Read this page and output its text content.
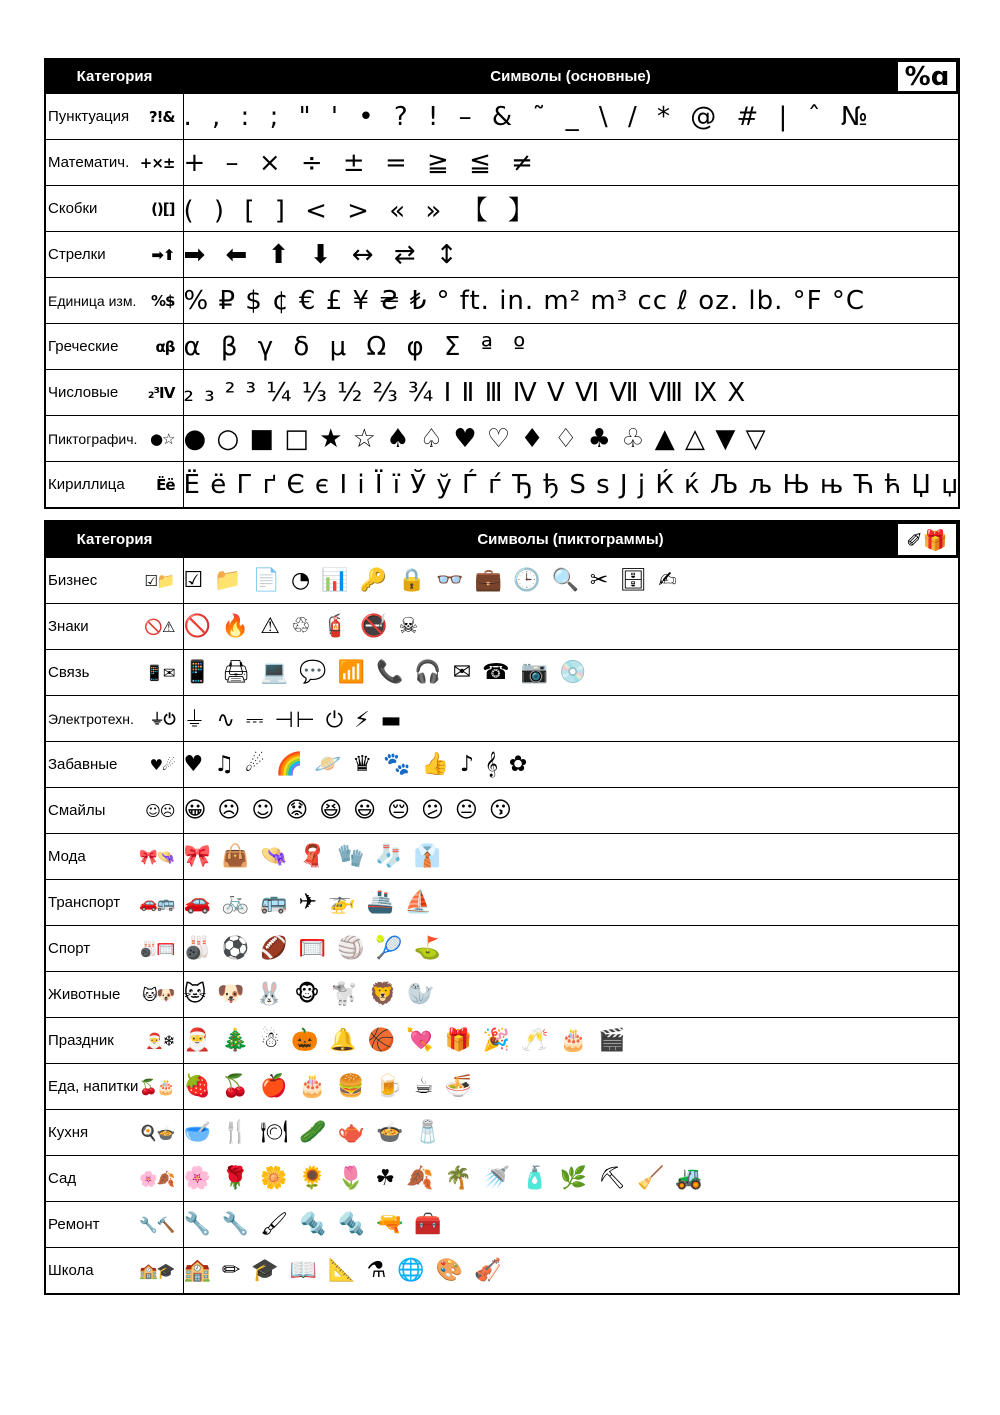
Категория	Символы (основные) %ɑ

Пунктуация ?!&	. , : ; " ' • ? ! – & ˜ _ \ / * @ # | ˆ №

Математич. +×±	+ – × ÷ ± = ≧ ≦ ≠

Скобки ()[]	( ) [ ] < > « » 【 】

Стрелки ➡⬆	➡ ⬅ ⬆ ⬇ ↔ ⇄ ↕

Единица изм. %$	% ₽ $ ¢ € £ ¥ ₴ ₺ ° ft. in. m² m³ cc ℓ oz. lb. °F °C

Греческие αβ	α β γ δ μ Ω φ Σ ª º

Числовые ₂³Ⅳ	₂ ₃ ² ³ ¼ ⅓ ½ ⅔ ¾ Ⅰ Ⅱ Ⅲ Ⅳ Ⅴ Ⅵ Ⅶ Ⅷ Ⅸ Ⅹ

Пиктографич. ●☆	● ○ ■ □ ★ ☆ ♠ ♤ ♥ ♡ ♦ ♢ ♣ ♧ ▲ △ ▼ ▽

Кириллица Ёё	Ё ё Г ґ Є є І і Ї ї Ў ў Ѓ ѓ Ђ ђ Ѕ ѕ Ј ј Ќ ќ Љ љ Њ њ Ћ ћ Џ џ
Категория	Символы (пиктограммы) ✐🎁

Бизнес ☑📁	☑ 📁 📄 ◔ 📊 🔑 🔒 👓 💼 🕒 🔍 ✂ 🗄 ✍

Знаки 🚫⚠	🚫 🔥 ⚠ ♲ 🧯 🚭 ☠

Связь 📱✉	📱 🖨 💻 💬 📶 📞 🎧 ✉ ☎ 📷 💿

Электротехн. ⏚⏻	⏚ ∿ ⎓ ⊣⊢ ⏻ ⚡ ▬

Забавные ♥☄	♥ ♫ ☄ 🌈 🪐 ♛ 🐾 👍 ♪ 𝄞 ✿

Смайлы ☺☹	😀 ☹ ☺ 😟 😆 😃 😔 😕 😐 😗

Мода 🎀👒	🎀 👜 👒 🧣 🧤 🧦 👔

Транспорт 🚗🚌	🚗 🚲 🚌 ✈ 🚁 🚢 ⛵

Спорт 🎳🥅	🎳 ⚽ 🏈 🥅 🏐 🎾 ⛳

Животные 🐱🐶	🐱 🐶 🐰 🐵 🐩 🦁 🦭

Праздник 🎅❄	🎅 🎄 ☃ 🎃 🔔 🏀 💘 🎁 🎉 🥂 🎂 🎬

Еда, напитки 🍒🎂	🍓 🍒 🍎 🎂 🍔 🍺 ☕ 🍜

Кухня 🍳🍲	🥣 🍴 🍽 🥒 🫖 🍲 🧂

Сад 🌸🍂	🌸 🌹 🌼 🌻 🌷 ☘ 🍂 🌴 🚿 🧴 🌿 ⛏ 🧹 🚜

Ремонт 🔧🔨	🔧 🔧 🖌 🔩 🔩 🔫 🧰

Школа 🏫🎓	🏫 ✏ 🎓 📖 📐 ⚗ 🌐 🎨 🎻
